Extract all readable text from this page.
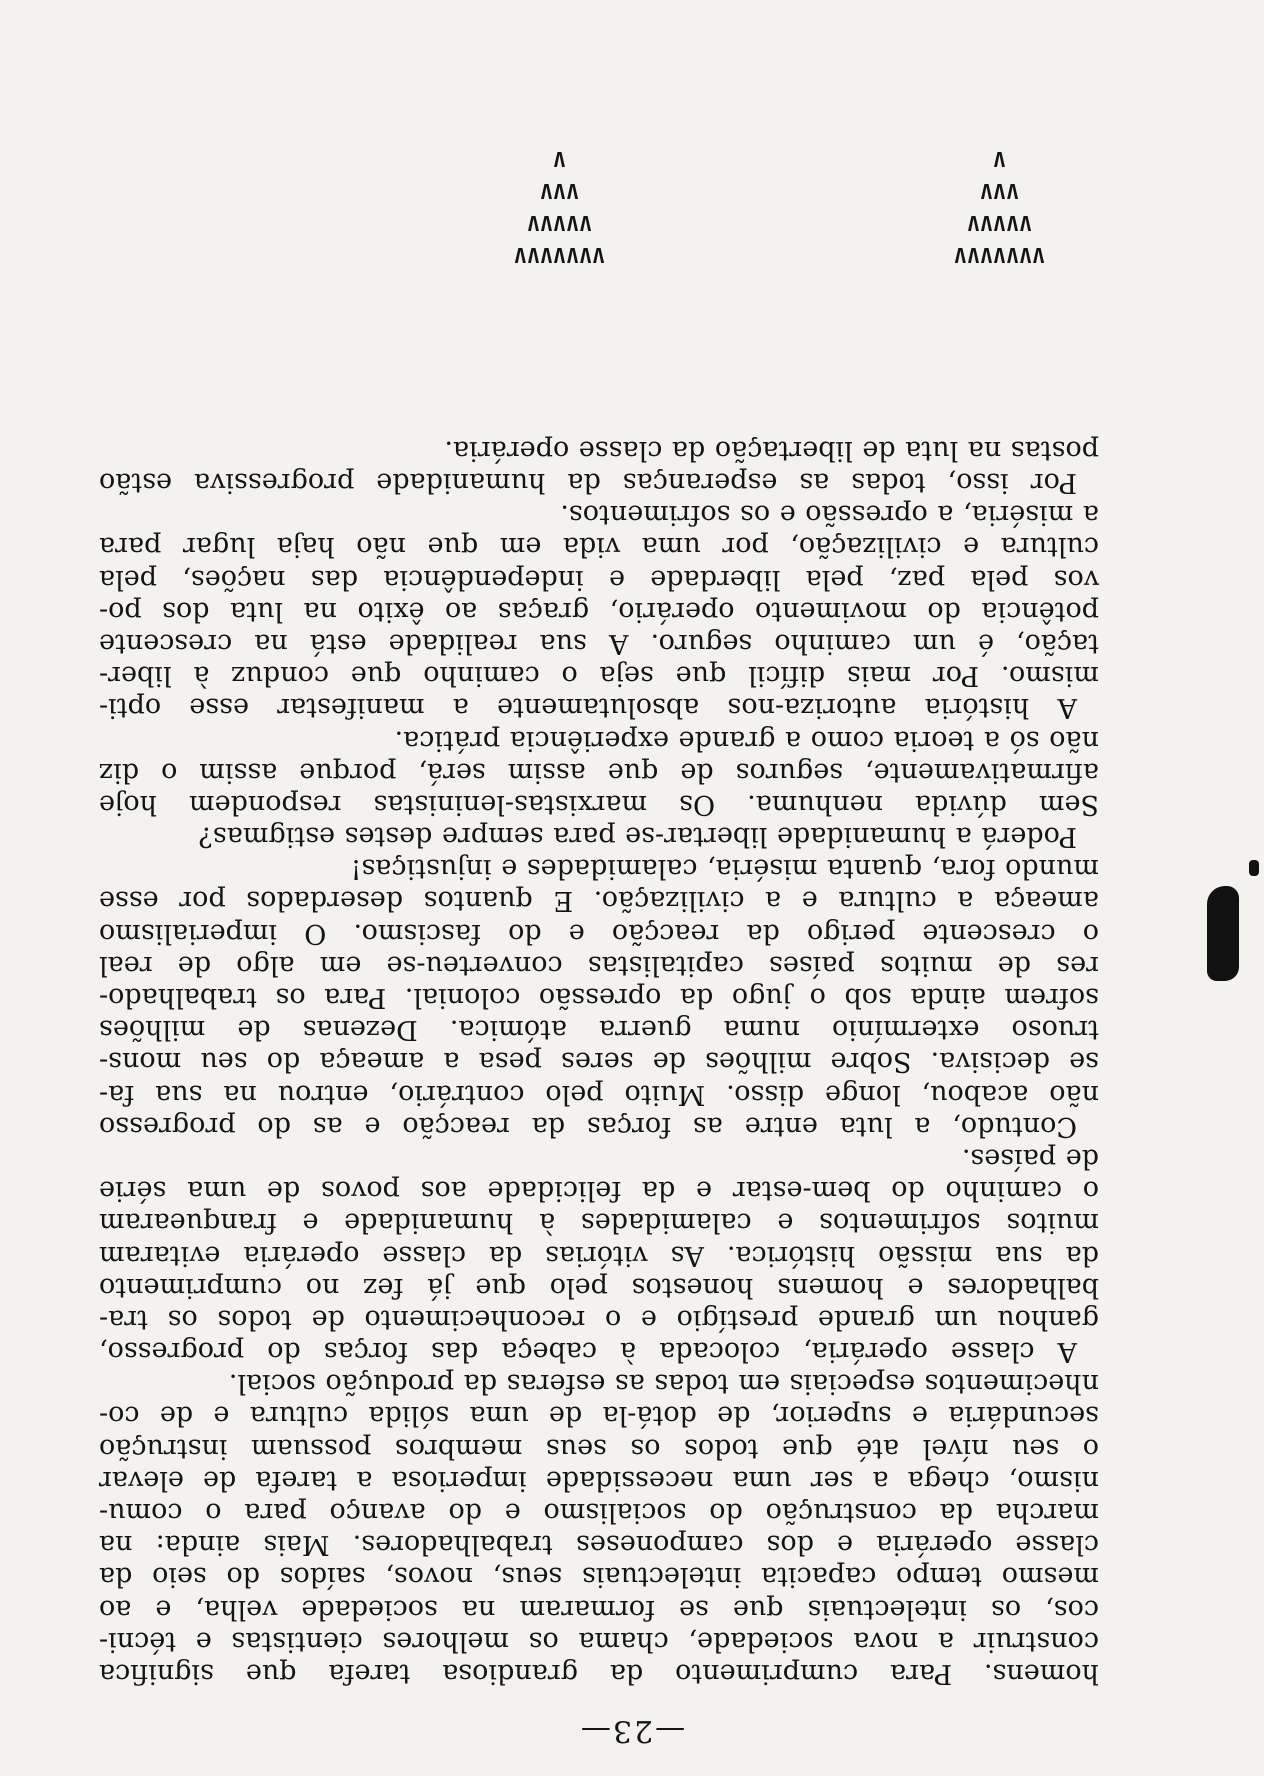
—23—
homens. Para cumprimento da grandiosa tarefa que significa
construir a nova sociedade, chama os melhores cientistas e técni-
cos, os intelectuais que se formaram na sociedade velha, e ao
mesmo tempo capacita intelectuais seus, novos, saídos do seio da
classe operária e dos camponeses trabalhadores. Mais ainda: na
marcha da construção do socialismo e do avanço para o comu-
nismo, chega a ser uma necessidade imperiosa a tarefa de elevar
o seu nível até que todos os seus membros possuam instrução
secundária e superior, de dotá-la de uma sólida cultura e de co-
nhecimentos especiais em todas as esferas da produção social.
A classe operária, colocada à cabeça das forças do progresso,
ganhou um grande prestígio e o reconhecimento de todos os tra-
balhadores e homens honestos pelo que já fez no cumprimento
da sua missão histórica. As vitórias da classe operária evitaram
muitos sofrimentos e calamidades à humanidade e franquearam
o caminho do bem-estar e da felicidade aos povos de uma série
de países.
Contudo, a luta entre as forças da reacção e as do progresso
não acabou, longe disso. Muito pelo contrário, entrou na sua fa-
se decisiva. Sobre milhões de seres pesa a ameaça do seu mons-
truoso extermínio numa guerra atómica. Dezenas de milhões
sofrem ainda sob o jugo da opressão colonial. Para os trabalhado-
res de muitos países capitalistas converteu-se em algo de real
o crescente perigo da reacção e do fascismo. O imperialismo
ameaça a cultura e a civilização. E quantos deserdados por esse
mundo fora, quanta miséria, calamidades e injustiças!
Poderá a humanidade libertar-se para sempre destes estigmas?
Sem dúvida nenhuma. Os marxistas-leninistas respondem hoje
afirmativamente, seguros de que assim será, porque assim o diz
não só a teoria como a grande experiência prática.
A história autoriza-nos absolutamente a manifestar esse opti-
mismo. Por mais difícil que seja o caminho que conduz à liber-
tação, é um caminho seguro. A sua realidade está na crescente
potência do movimento operário, graças ao êxito na luta dos po-
vos pela paz, pela liberdade e independência das nações, pela
cultura e civilização, por uma vida em que não haja lugar para
a miséria, a opressão e os sofrimentos.
Por isso, todas as esperanças da humanidade progressiva estão
postas na luta de libertação da classe operária.
VVVVVVV
VVVVV
VVV
V
VVVVVVV
VVVVV
VVV
V
